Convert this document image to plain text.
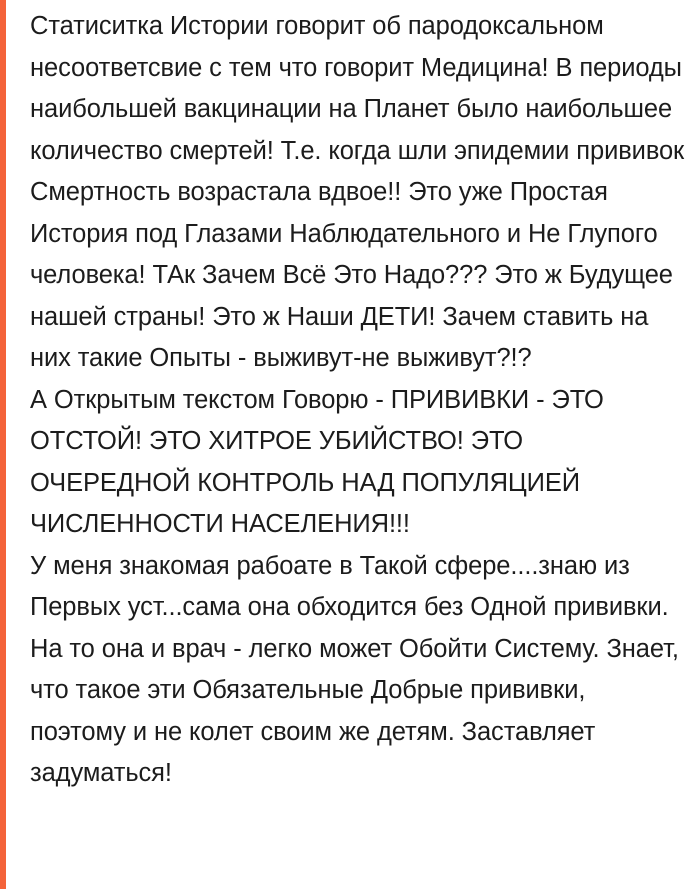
Статиситка Истории говорит об пародоксальном несоответсвие с тем что говорит Медицина! В периоды наибольшей вакцинации на Планет было наибольшее количество смертей! Т.е. когда шли эпидемии прививок Смертность возрастала вдвое!! Это уже Простая История под Глазами Наблюдательного и Не Глупого человека! ТАк Зачем Всё Это Надо??? Это ж Будущее нашей страны! Это ж Наши ДЕТИ! Зачем ставить на них такие Опыты - выживут-не выживут?!?

А Открытым текстом Говорю - ПРИВИВКИ - ЭТО ОТСТОЙ! ЭТО ХИТРОЕ УБИЙСТВО! ЭТО ОЧЕРЕДНОЙ КОНТРОЛЬ НАД ПОПУЛЯЦИЕЙ ЧИСЛЕННОСТИ НАСЕЛЕНИЯ!!!

У меня знакомая рабоате в Такой сфере....знаю из Первых уст...сама она обходится без Одной прививки. На то она и врач - легко может Обойти Систему. Знает, что такое эти Обязательные Добрые прививки, поэтому и не колет своим же детям. Заставляет задуматься!
